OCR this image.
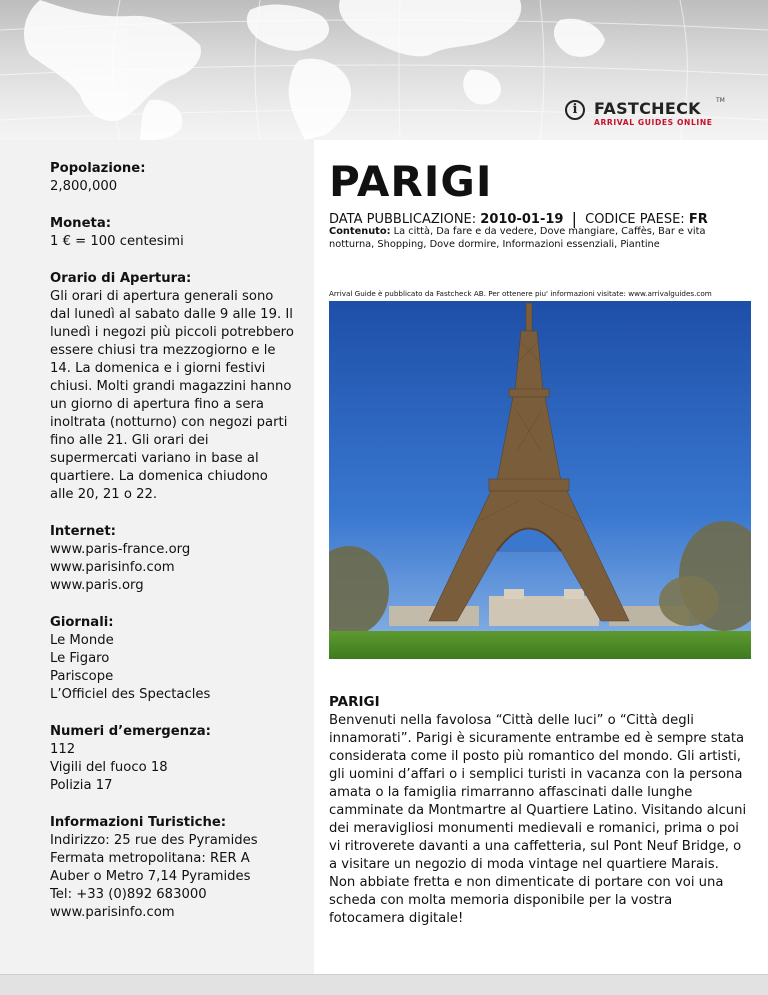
i	FASTCHECK	TM
ARRIVAL GUIDES ONLINE
Popolazione:
2,800,000
Moneta:
1 € = 100 centesimi
Orario di Apertura:
Gli orari di apertura generali sono dal lunedì al sabato dalle 9 alle 19. Il lunedì i negozi più piccoli potrebbero essere chiusi tra mezzogiorno e le 14. La domenica e i giorni festivi chiusi. Molti grandi magazzini hanno un giorno di apertura fino a sera inoltrata (notturno) con negozi parti fino alle 21. Gli orari dei supermercati variano in base al quartiere. La domenica chiudono alle 20, 21 o 22.
Internet:
www.paris-france.org
www.parisinfo.com
www.paris.org
Giornali:
Le Monde
Le Figaro
Pariscope
L’Officiel des Spectacles
Numeri d’emergenza:
112
Vigili del fuoco 18
Polizia 17
Informazioni Turistiche:
Indirizzo: 25 rue des Pyramides
Fermata metropolitana: RER A
Auber o Metro 7,14 Pyramides
Tel: +33 (0)892 683000
www.parisinfo.com
PARIGI
DATA PUBBLICAZIONE: 2010-01-19 | CODICE PAESE: FR
Contenuto: La città, Da fare e da vedere, Dove mangiare, Caffès, Bar e vita notturna, Shopping, Dove dormire, Informazioni essenziali, Piantine
Arrival Guide è pubblicato da Fastcheck AB. Per ottenere piu' informazioni visitate: www.arrivalguides.com
PARIGI
Benvenuti nella favolosa “Città delle luci” o “Città degli innamorati”. Parigi è sicuramente entrambe ed è sempre stata considerata come il posto più romantico del mondo. Gli artisti, gli uomini d’affari o i semplici turisti in vacanza con la persona amata o la famiglia rimarranno affascinati dalle lunghe camminate da Montmartre al Quartiere Latino. Visitando alcuni dei meravigliosi monumenti medievali e romanici, prima o poi vi ritroverete davanti a una caffetteria, sul Pont Neuf Bridge, o a visitare un negozio di moda vintage nel quartiere Marais. Non abbiate fretta e non dimenticate di portare con voi una scheda con molta memoria disponibile per la vostra fotocamera digitale!
